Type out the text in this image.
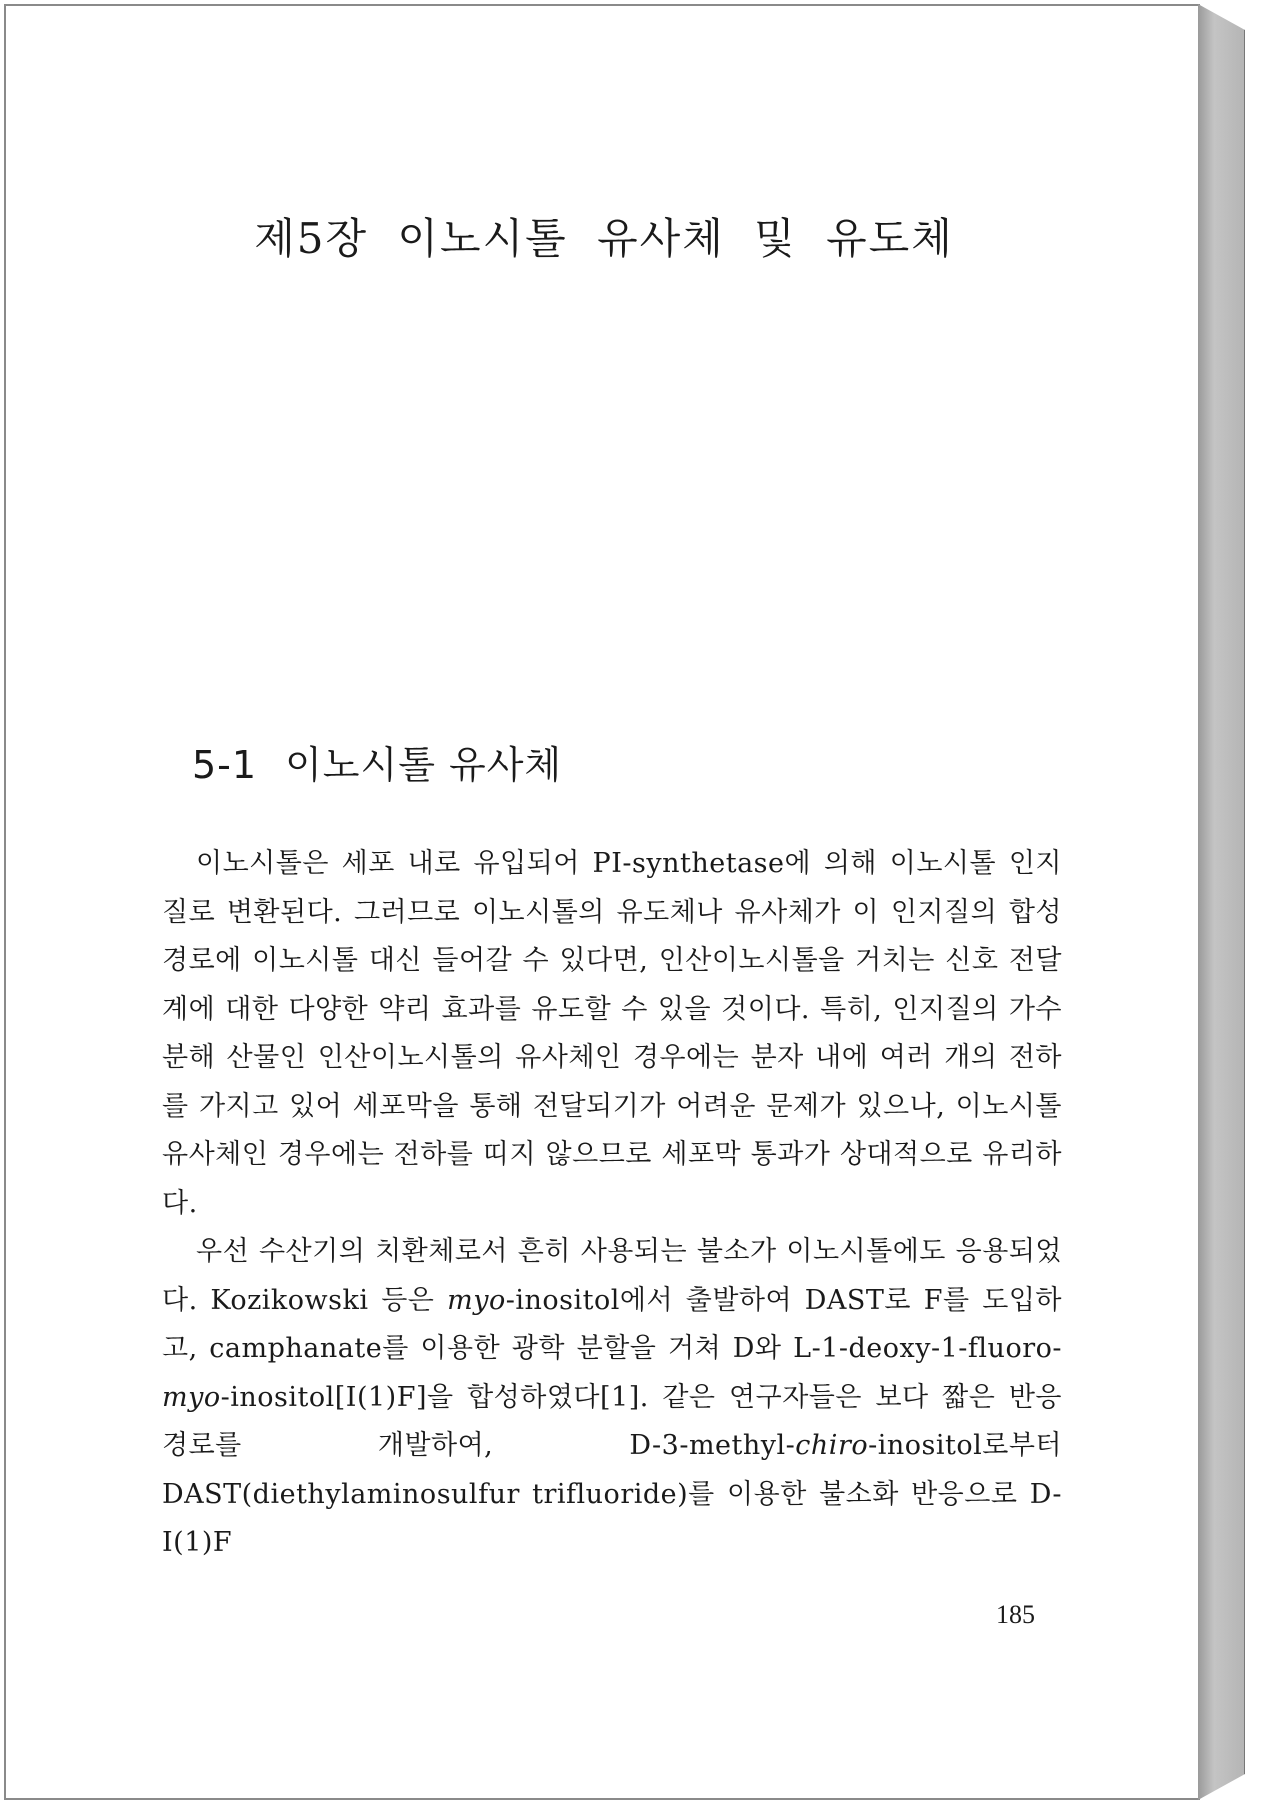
제5장 이노시톨 유사체 및 유도체
5-1 이노시톨 유사체

이노시톨은 세포 내로 유입되어 PI-synthetase에 의해 이노시톨 인지질로 변환된다. 그러므로 이노시톨의 유도체나 유사체가 이 인지질의 합성 경로에 이노시톨 대신 들어갈 수 있다면, 인산이노시톨을 거치는 신호 전달계에 대한 다양한 약리 효과를 유도할 수 있을 것이다. 특히, 인지질의 가수 분해 산물인 인산이노시톨의 유사체인 경우에는 분자 내에 여러 개의 전하를 가지고 있어 세포막을 통해 전달되기가 어려운 문제가 있으나, 이노시톨 유사체인 경우에는 전하를 띠지 않으므로 세포막 통과가 상대적으로 유리하다.

우선 수산기의 치환체로서 흔히 사용되는 불소가 이노시톨에도 응용되었다. Kozikowski 등은 myo-inositol에서 출발하여 DAST로 F를 도입하고, camphanate를 이용한 광학 분할을 거쳐 D와 L-1-deoxy-1-fluoro-myo-inositol[I(1)F]을 합성하였다[1]. 같은 연구자들은 보다 짧은 반응 경로를 개발하여, D-3-methyl-chiro-inositol로부터 DAST(diethylaminosulfur trifluoride)를 이용한 불소화 반응으로 D-I(1)F

185
